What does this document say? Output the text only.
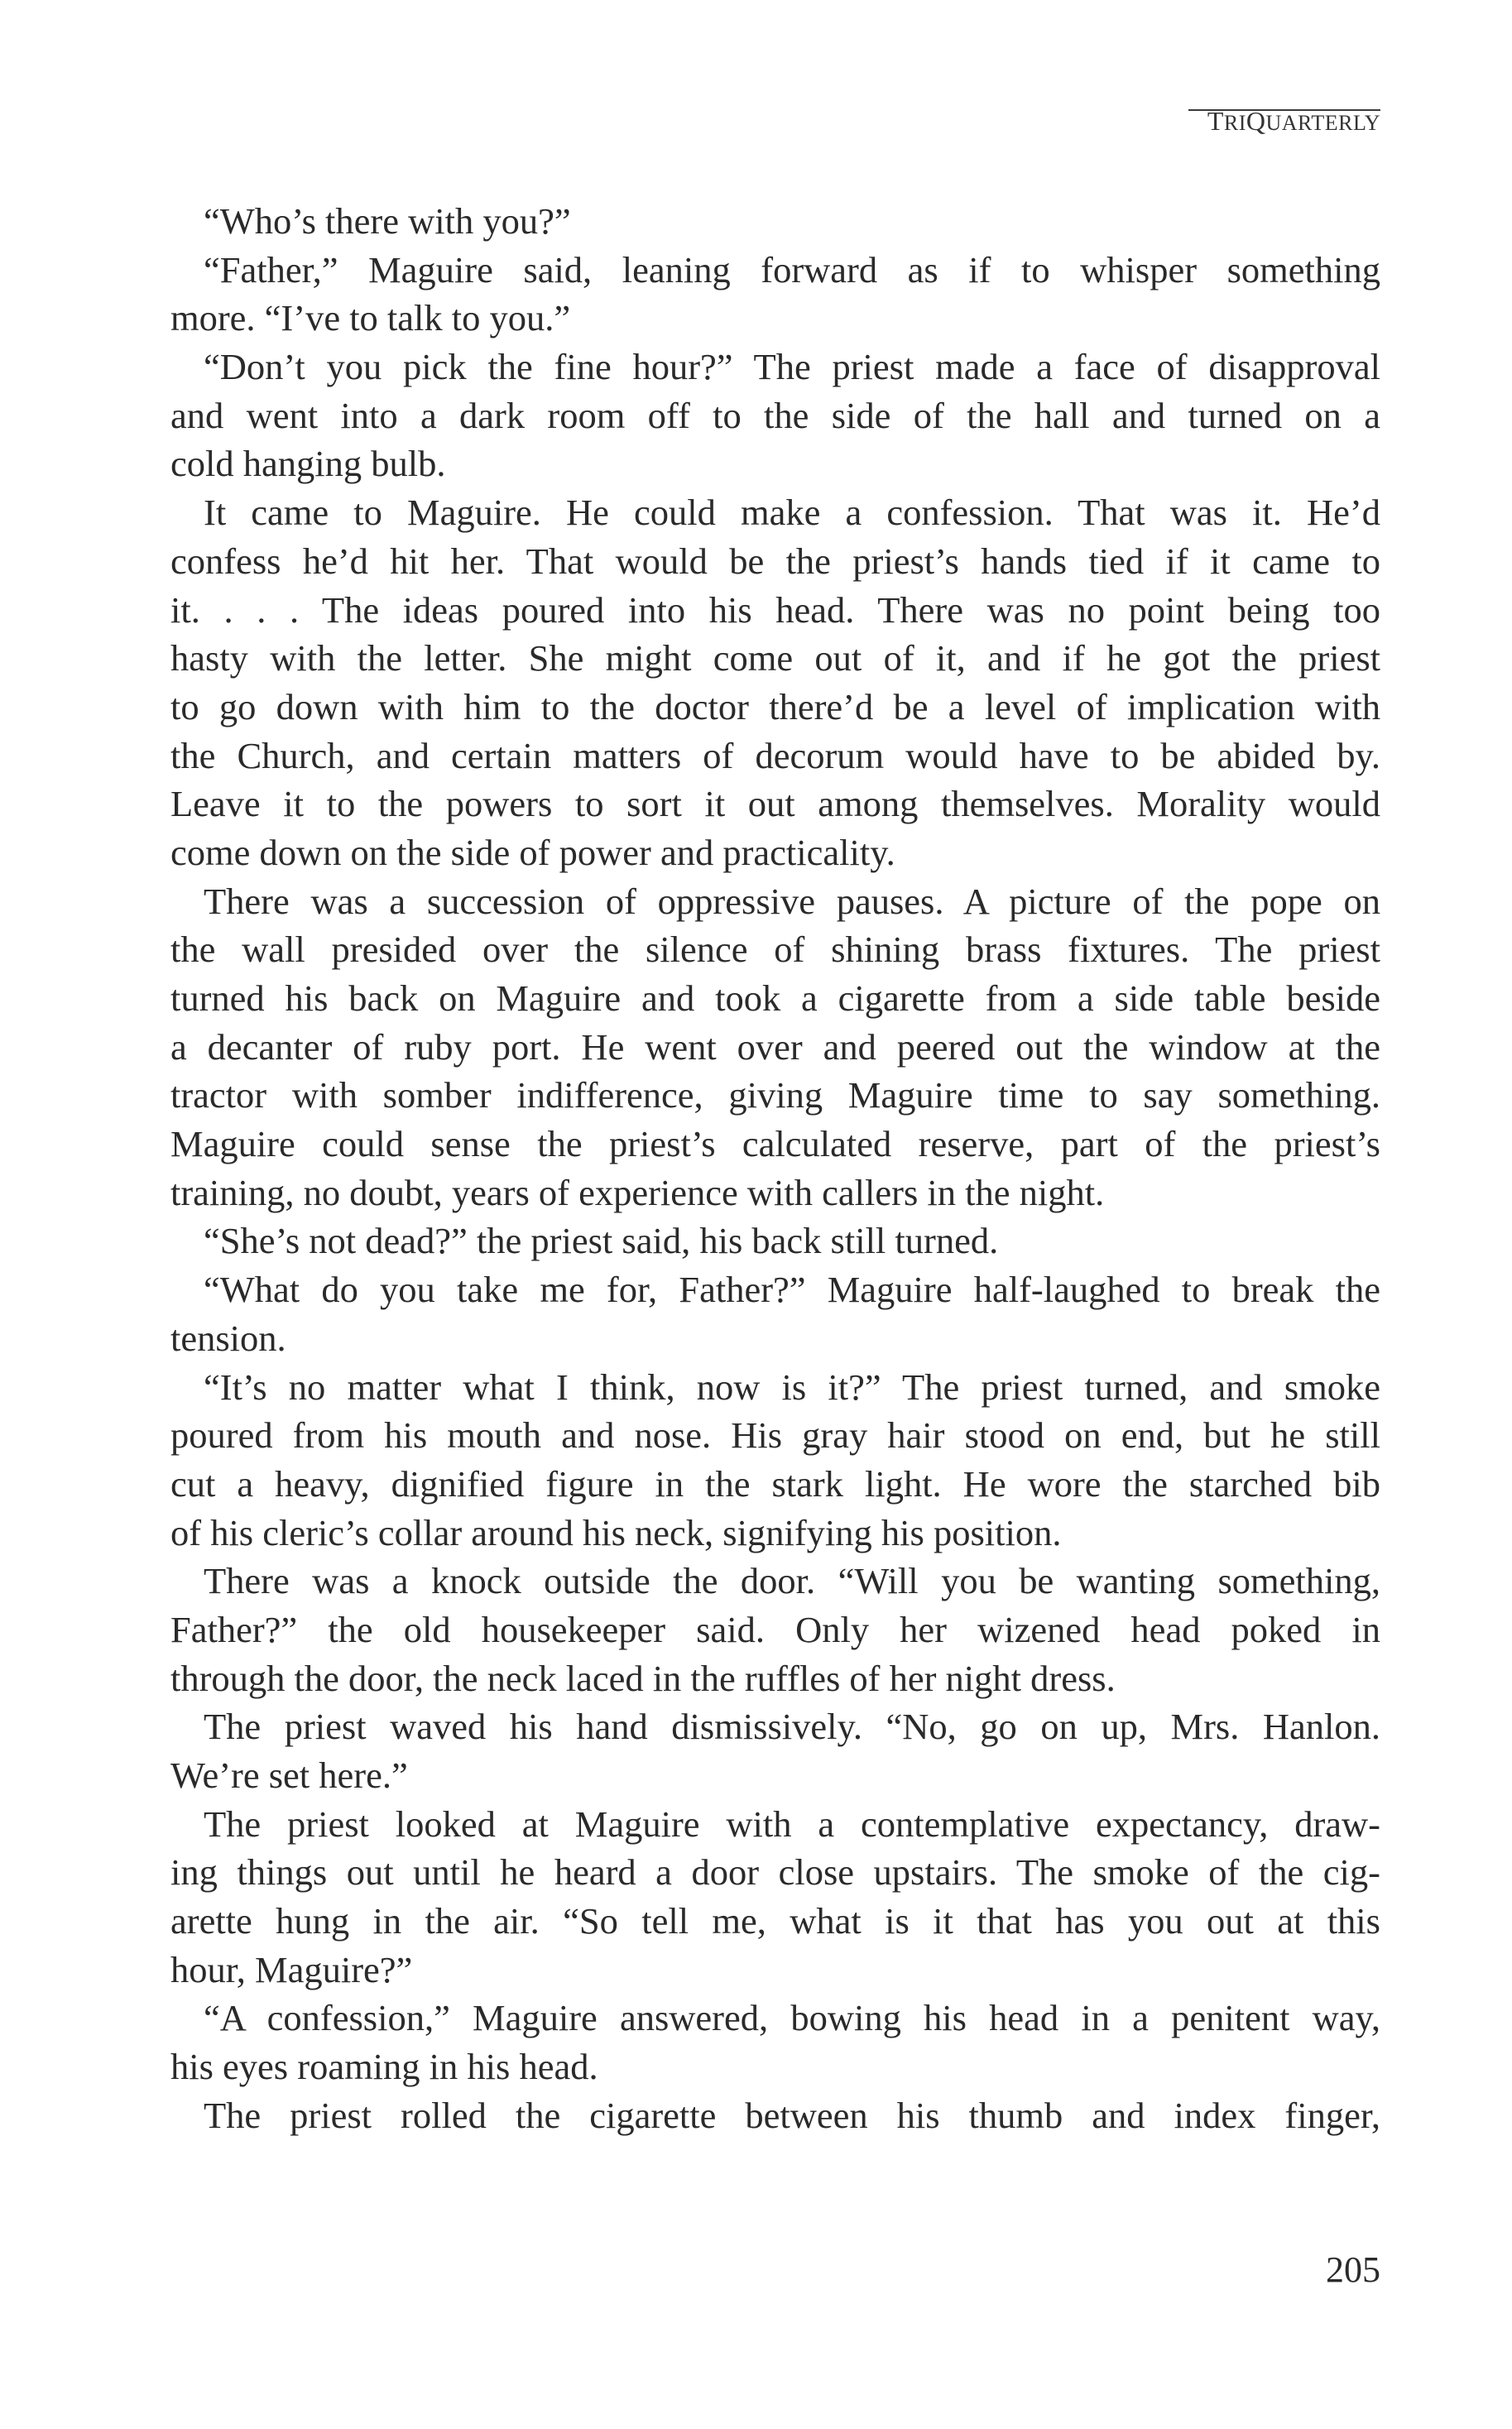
TRIQUARTERLY
“Who’s there with you?”
“Father,” Maguire said, leaning forward as if to whisper something
more. “I’ve to talk to you.”
“Don’t you pick the fine hour?” The priest made a face of disapproval
and went into a dark room off to the side of the hall and turned on a
cold hanging bulb.
It came to Maguire. He could make a confession. That was it. He’d
confess he’d hit her. That would be the priest’s hands tied if it came to
it. . . . The ideas poured into his head. There was no point being too
hasty with the letter. She might come out of it, and if he got the priest
to go down with him to the doctor there’d be a level of implication with
the Church, and certain matters of decorum would have to be abided by.
Leave it to the powers to sort it out among themselves. Morality would
come down on the side of power and practicality.
There was a succession of oppressive pauses. A picture of the pope on
the wall presided over the silence of shining brass fixtures. The priest
turned his back on Maguire and took a cigarette from a side table beside
a decanter of ruby port. He went over and peered out the window at the
tractor with somber indifference, giving Maguire time to say something.
Maguire could sense the priest’s calculated reserve, part of the priest’s
training, no doubt, years of experience with callers in the night.
“She’s not dead?” the priest said, his back still turned.
“What do you take me for, Father?” Maguire half-laughed to break the
tension.
“It’s no matter what I think, now is it?” The priest turned, and smoke
poured from his mouth and nose. His gray hair stood on end, but he still
cut a heavy, dignified figure in the stark light. He wore the starched bib
of his cleric’s collar around his neck, signifying his position.
There was a knock outside the door. “Will you be wanting something,
Father?” the old housekeeper said. Only her wizened head poked in
through the door, the neck laced in the ruffles of her night dress.
The priest waved his hand dismissively. “No, go on up, Mrs. Hanlon.
We’re set here.”
The priest looked at Maguire with a contemplative expectancy, draw-
ing things out until he heard a door close upstairs. The smoke of the cig-
arette hung in the air. “So tell me, what is it that has you out at this
hour, Maguire?”
“A confession,” Maguire answered, bowing his head in a penitent way,
his eyes roaming in his head.
The priest rolled the cigarette between his thumb and index finger,
205
